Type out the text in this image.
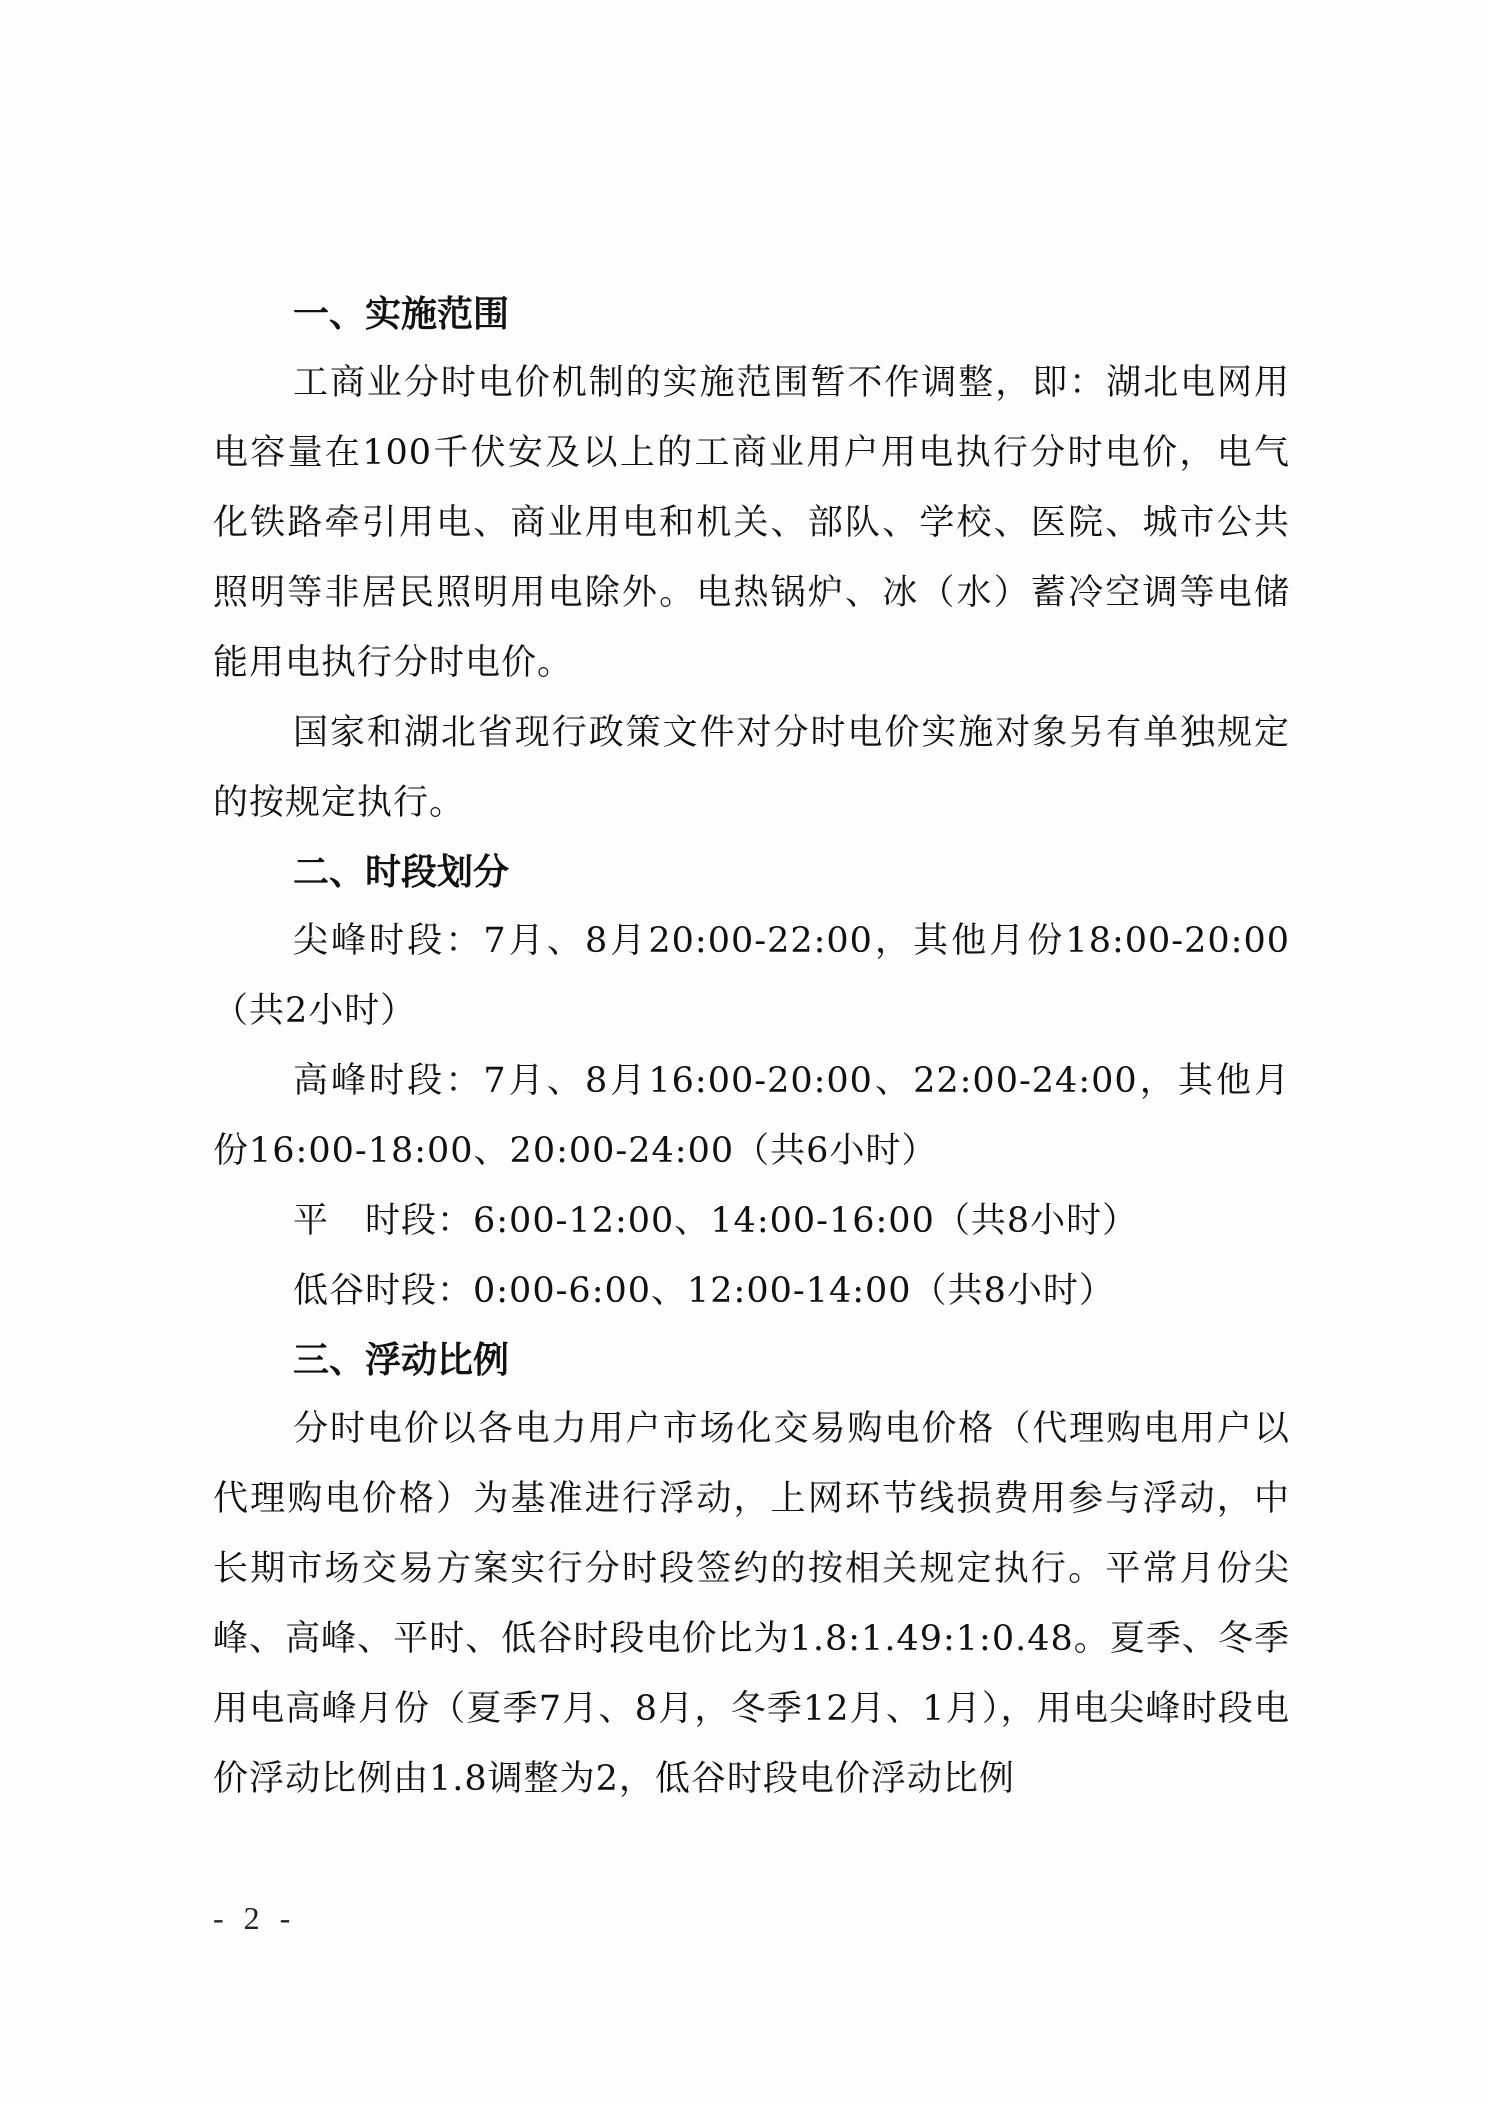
一、实施范围

工商业分时电价机制的实施范围暂不作调整，即：湖北电网用电容量在100千伏安及以上的工商业用户用电执行分时电价，电气化铁路牵引用电、商业用电和机关、部队、学校、医院、城市公共照明等非居民照明用电除外。电热锅炉、冰（水）蓄冷空调等电储能用电执行分时电价。

国家和湖北省现行政策文件对分时电价实施对象另有单独规定的按规定执行。

二、时段划分

尖峰时段：7月、8月20:00-22:00，其他月份18:00-20:00（共2小时）

高峰时段：7月、8月16:00-20:00、22:00-24:00，其他月份16:00-18:00、20:00-24:00（共6小时）

平　时段：6:00-12:00、14:00-16:00（共8小时）

低谷时段：0:00-6:00、12:00-14:00（共8小时）

三、浮动比例

分时电价以各电力用户市场化交易购电价格（代理购电用户以代理购电价格）为基准进行浮动，上网环节线损费用参与浮动，中长期市场交易方案实行分时段签约的按相关规定执行。平常月份尖峰、高峰、平时、低谷时段电价比为1.8:1.49:1:0.48。夏季、冬季用电高峰月份（夏季7月、8月，冬季12月、1月），用电尖峰时段电价浮动比例由1.8调整为2，低谷时段电价浮动比例

- 2 -
